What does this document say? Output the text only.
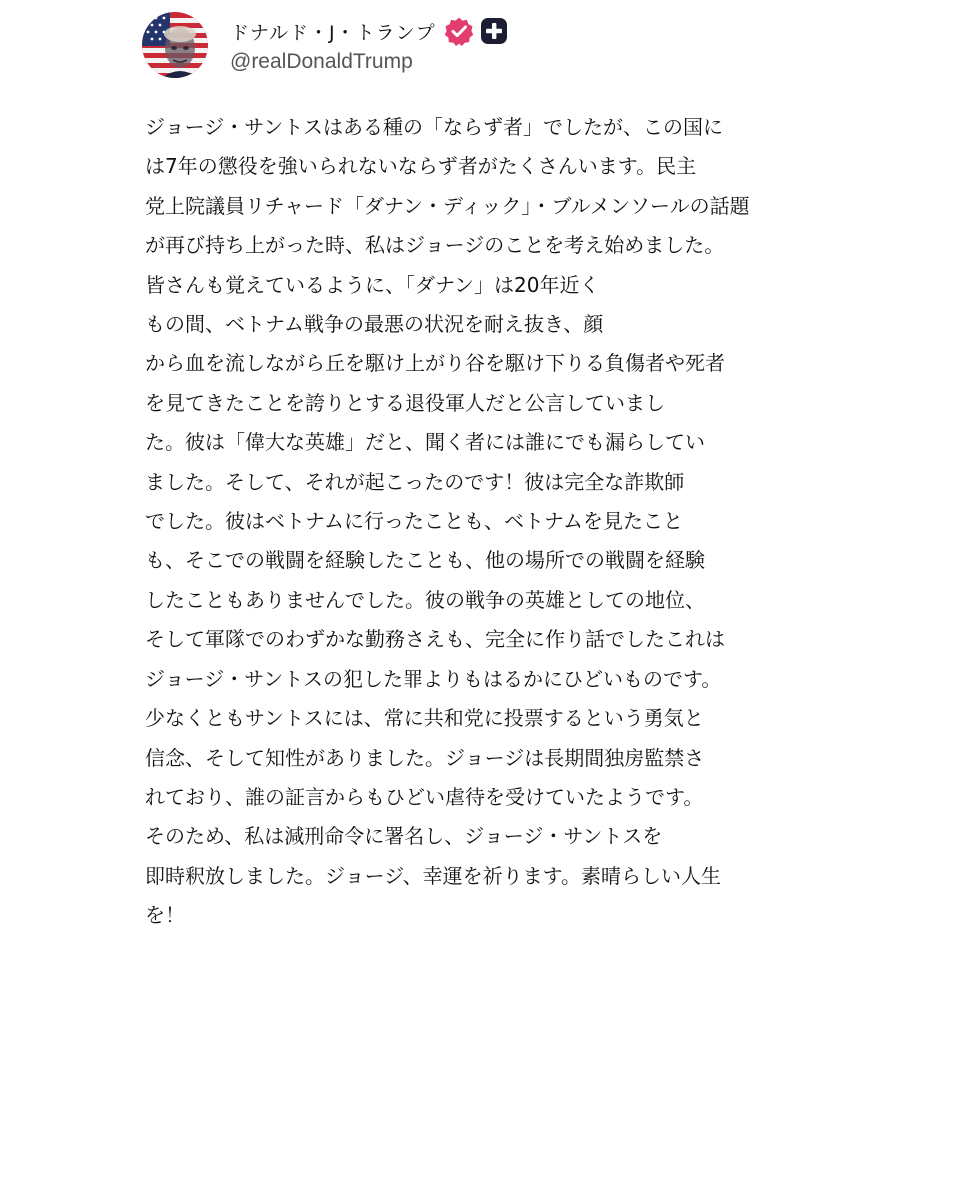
ドナルド・J・トランプ
@realDonaldTrump
ジョージ・サントスはある種の「ならず者」でしたが、この国に
は7年の懲役を強いられないならず者がたくさんいます。民主
党上院議員リチャード「ダナン・ディック」・ブルメンソールの話題
が再び持ち上がった時、私はジョージのことを考え始めました。
皆さんも覚えているように、「ダナン」は20年近く
もの間、ベトナム戦争の最悪の状況を耐え抜き、顔
から血を流しながら丘を駆け上がり谷を駆け下りる負傷者や死者
を見てきたことを誇りとする退役軍人だと公言していまし
た。彼は「偉大な英雄」だと、聞く者には誰にでも漏らしてい
ました。そして、それが起こったのです！彼は完全な詐欺師
でした。彼はベトナムに行ったことも、ベトナムを見たこと
も、そこでの戦闘を経験したことも、他の場所での戦闘を経験
したこともありませんでした。彼の戦争の英雄としての地位、
そして軍隊でのわずかな勤務さえも、完全に作り話でしたこれは
ジョージ・サントスの犯した罪よりもはるかにひどいものです。
少なくともサントスには、常に共和党に投票するという勇気と
信念、そして知性がありました。ジョージは長期間独房監禁さ
れており、誰の証言からもひどい虐待を受けていたようです。
そのため、私は減刑命令に署名し、ジョージ・サントスを
即時釈放しました。ジョージ、幸運を祈ります。素晴らしい人生
を！
